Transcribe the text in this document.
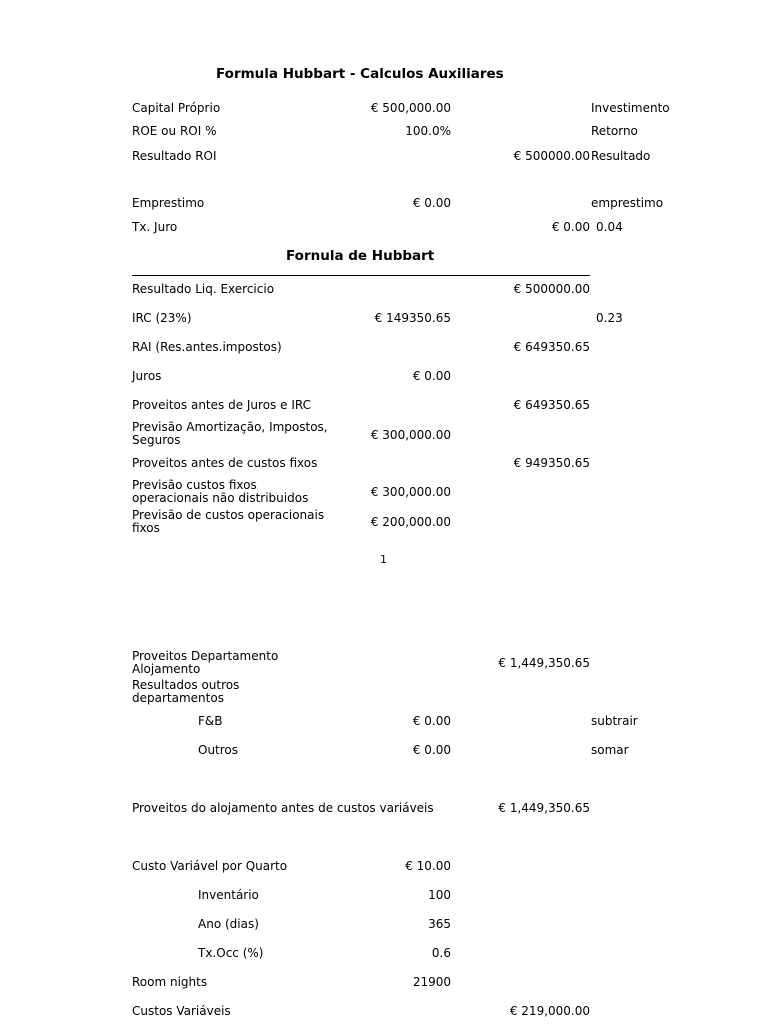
Formula Hubbart - Calculos Auxiliares
Capital Próprio	€ 500,000.00	Investimento
ROE ou ROI %	100.0%	Retorno
Resultado ROI	€ 500000.00 Resultado
Emprestimo	€ 0.00	emprestimo
Tx. Juro	€ 0.00 0.04
Fornula de Hubbart
Resultado Liq. Exercicio	€ 500000.00
IRC (23%)	€ 149350.65	0.23
RAI (Res.antes.impostos)	€ 649350.65
Juros	€ 0.00
Proveitos antes de Juros e IRC	€ 649350.65
Previsão Amortização, Impostos, Seguros	€ 300,000.00
Proveitos antes de custos fixos	€ 949350.65
Previsão custos fixos operacionais não distribuidos	€ 300,000.00
Previsão de custos operacionais fixos	€ 200,000.00
1
Proveitos Departamento Alojamento	€ 1,449,350.65
Resultados outros departamentos
F&B	€ 0.00	subtrair
Outros	€ 0.00	somar
Proveitos do alojamento antes de custos variáveis	€ 1,449,350.65
Custo Variável por Quarto	€ 10.00
Inventário	100
Ano (dias)	365
Tx.Occ (%)	0.6
Room nights	21900
Custos Variáveis	€ 219,000.00
